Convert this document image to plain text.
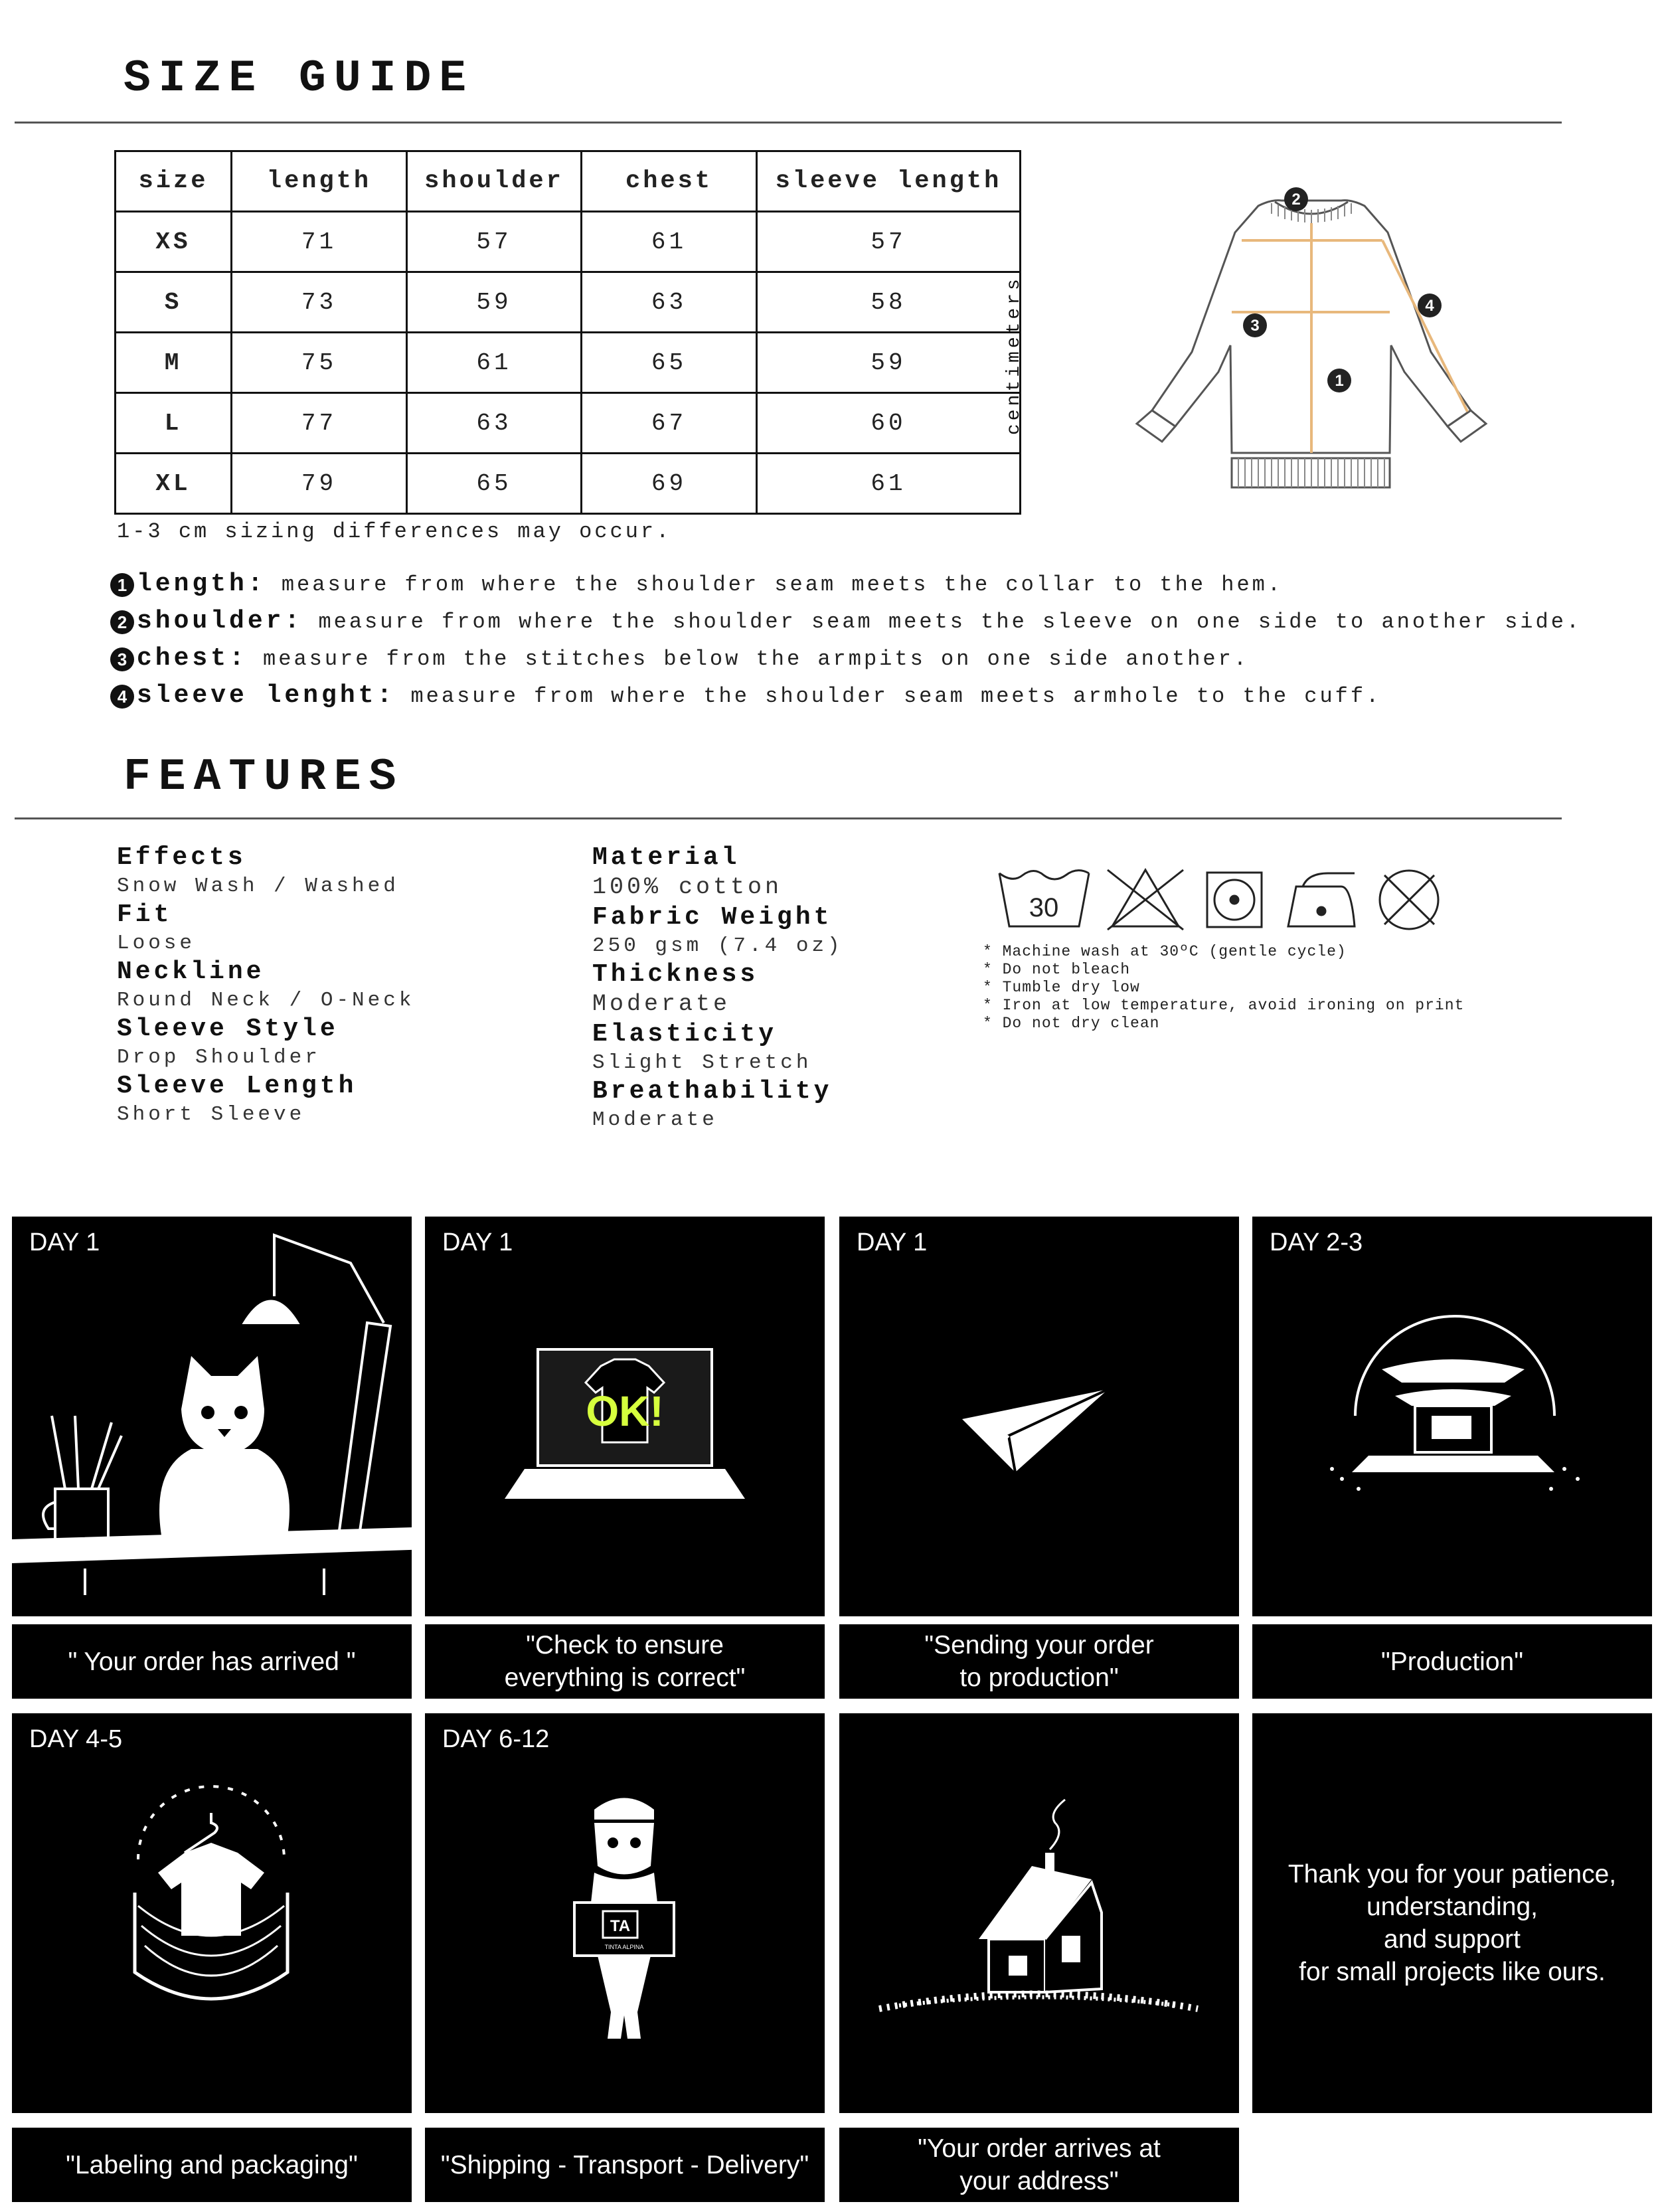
SIZE GUIDE
size	length	shoulder	chest	sleeve length
XS	71	57	61	57
S	73	59	63	58
M	75	61	65	59
L	77	63	67	60
XL	79	65	69	61
centimeters
2
4
3
1
1-3 cm sizing differences may occur.
1 length: measure from where the shoulder seam meets the collar to the hem.
2 shoulder: measure from where the shoulder seam meets the sleeve on one side to another side.
3 chest: measure from the stitches below the armpits on one side another.
4 sleeve lenght: measure from where the shoulder seam meets armhole to the cuff.
FEATURES
Effects
Snow Wash / Washed
Fit
Loose
Neckline
Round Neck / O-Neck
Sleeve Style
Drop Shoulder
Sleeve Length
Short Sleeve
Material
100% cotton
Fabric Weight
250 gsm (7.4 oz)
Thickness
Moderate
Elasticity
Slight Stretch
Breathability
Moderate
30
* Machine wash at 30ºC (gentle cycle)
* Do not bleach
* Tumble dry low
* Iron at low temperature, avoid ironing on print
* Do not dry clean
DAY 1
" Your order has arrived "
DAY 1
OK!
"Check to ensure
everything is correct"
DAY 1
"Sending your order
to production"
DAY 2-3
"Production"
DAY 4-5
"Labeling and packaging"
DAY 6-12
TA
TINTA ALPINA
"Shipping - Transport - Delivery"
"Your order arrives at
your address"
Thank you for your patience,
understanding,
and support
for small projects like ours.
